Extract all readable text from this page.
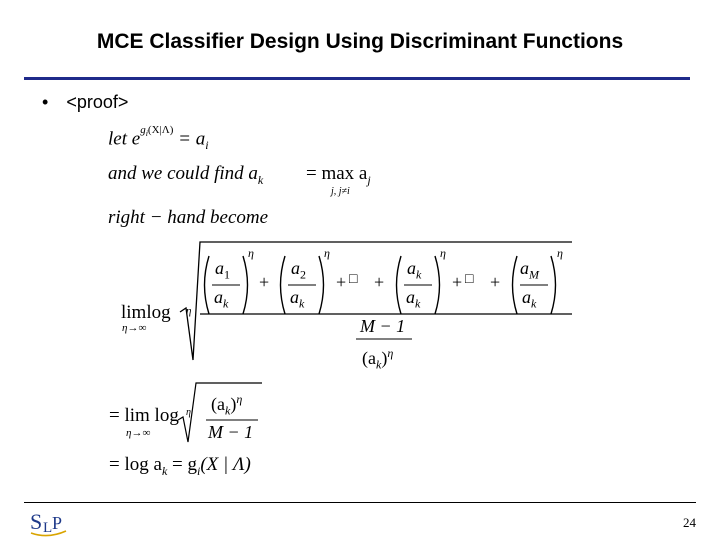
MCE Classifier Design Using Discriminant Functions
• <proof>
let $e^{g_i(X|\Lambda)} = a_i$
and we could find $a_k = \max a_j$
j, j≠i
right − hand become
limlog
η→∞
η
$a_1$	$a_2$	$a_k$	$a_M$
$a_k$	$a_k$	$a_k$	$a_k$
η	η	η	η
+	+ □ +	+ □ +
M − 1
$(a_k)^\eta$
= lim log
η→∞
η $(a_k)^\eta$
M − 1
= $\log a_k = g_i(X$ | Λ)
S L P	24
